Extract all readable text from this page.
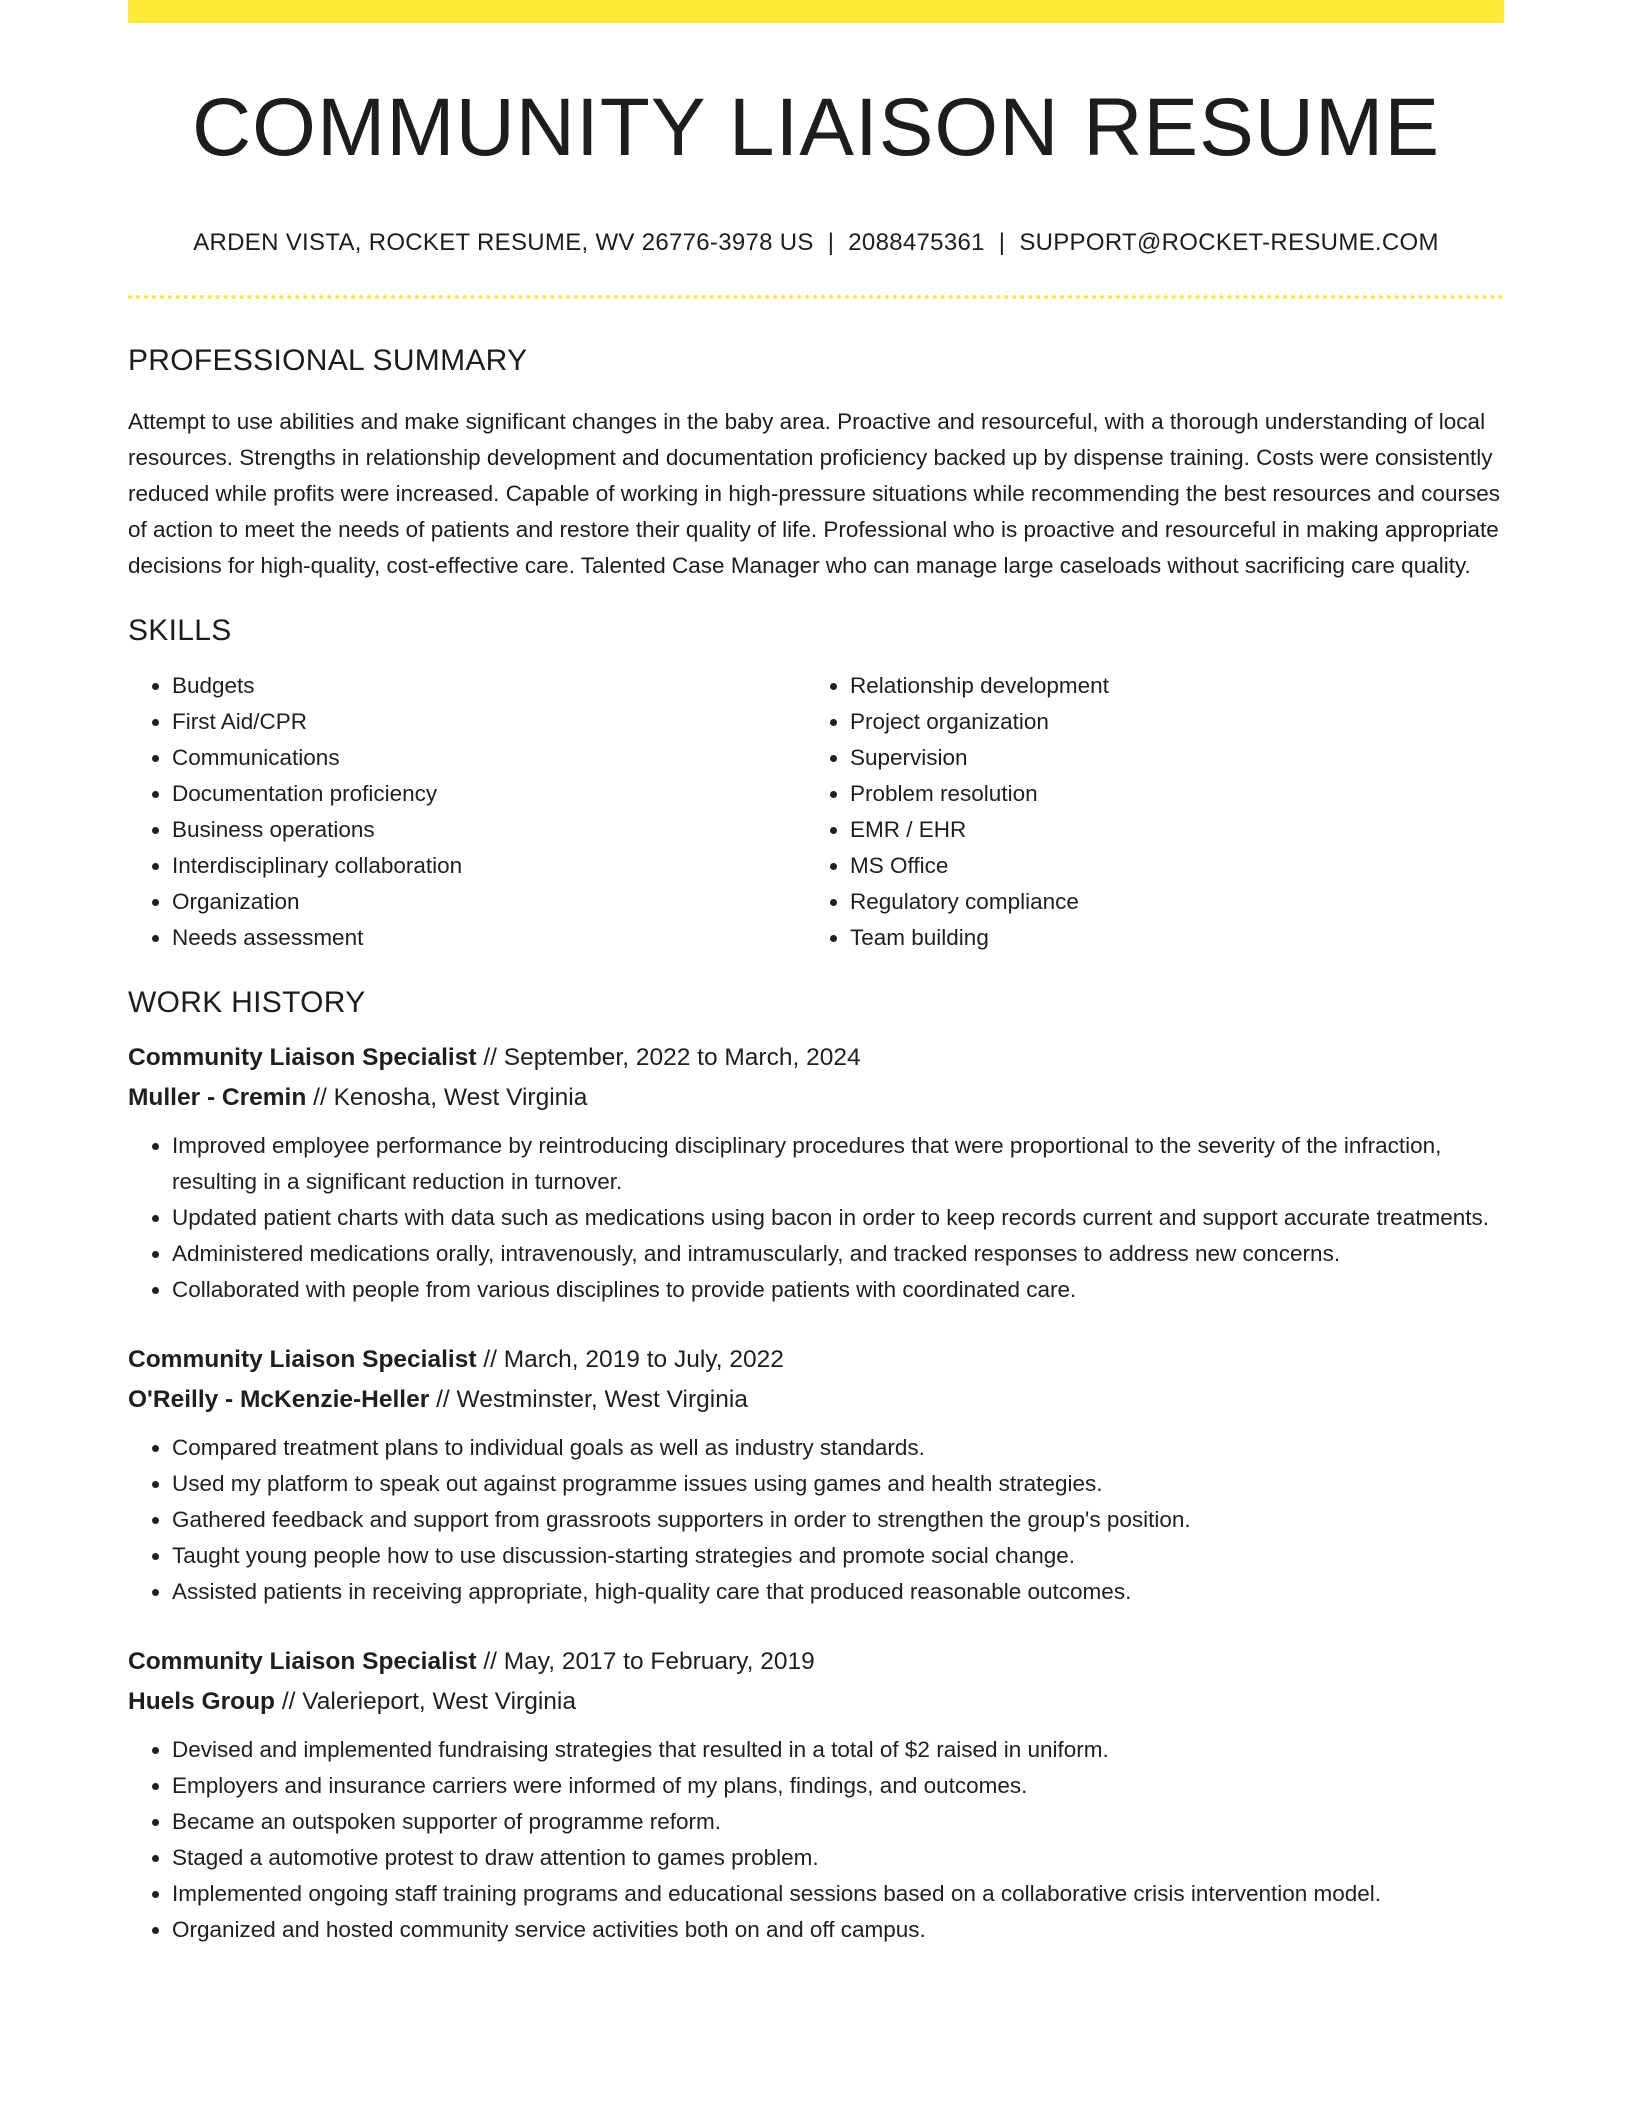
COMMUNITY LIAISON RESUME
ARDEN VISTA, ROCKET RESUME, WV 26776-3978 US | 2088475361 | SUPPORT@ROCKET-RESUME.COM
PROFESSIONAL SUMMARY
Attempt to use abilities and make significant changes in the baby area. Proactive and resourceful, with a thorough understanding of local resources. Strengths in relationship development and documentation proficiency backed up by dispense training. Costs were consistently reduced while profits were increased. Capable of working in high-pressure situations while recommending the best resources and courses of action to meet the needs of patients and restore their quality of life. Professional who is proactive and resourceful in making appropriate decisions for high-quality, cost-effective care. Talented Case Manager who can manage large caseloads without sacrificing care quality.
SKILLS
• Budgets
• First Aid/CPR
• Communications
• Documentation proficiency
• Business operations
• Interdisciplinary collaboration
• Organization
• Needs assessment
• Relationship development
• Project organization
• Supervision
• Problem resolution
• EMR / EHR
• MS Office
• Regulatory compliance
• Team building
WORK HISTORY
Community Liaison Specialist // September, 2022 to March, 2024
Muller - Cremin // Kenosha, West Virginia
• Improved employee performance by reintroducing disciplinary procedures that were proportional to the severity of the infraction, resulting in a significant reduction in turnover.
• Updated patient charts with data such as medications using bacon in order to keep records current and support accurate treatments.
• Administered medications orally, intravenously, and intramuscularly, and tracked responses to address new concerns.
• Collaborated with people from various disciplines to provide patients with coordinated care.
Community Liaison Specialist // March, 2019 to July, 2022
O'Reilly - McKenzie-Heller // Westminster, West Virginia
• Compared treatment plans to individual goals as well as industry standards.
• Used my platform to speak out against programme issues using games and health strategies.
• Gathered feedback and support from grassroots supporters in order to strengthen the group's position.
• Taught young people how to use discussion-starting strategies and promote social change.
• Assisted patients in receiving appropriate, high-quality care that produced reasonable outcomes.
Community Liaison Specialist // May, 2017 to February, 2019
Huels Group // Valerieport, West Virginia
• Devised and implemented fundraising strategies that resulted in a total of $2 raised in uniform.
• Employers and insurance carriers were informed of my plans, findings, and outcomes.
• Became an outspoken supporter of programme reform.
• Staged a automotive protest to draw attention to games problem.
• Implemented ongoing staff training programs and educational sessions based on a collaborative crisis intervention model.
• Organized and hosted community service activities both on and off campus.
